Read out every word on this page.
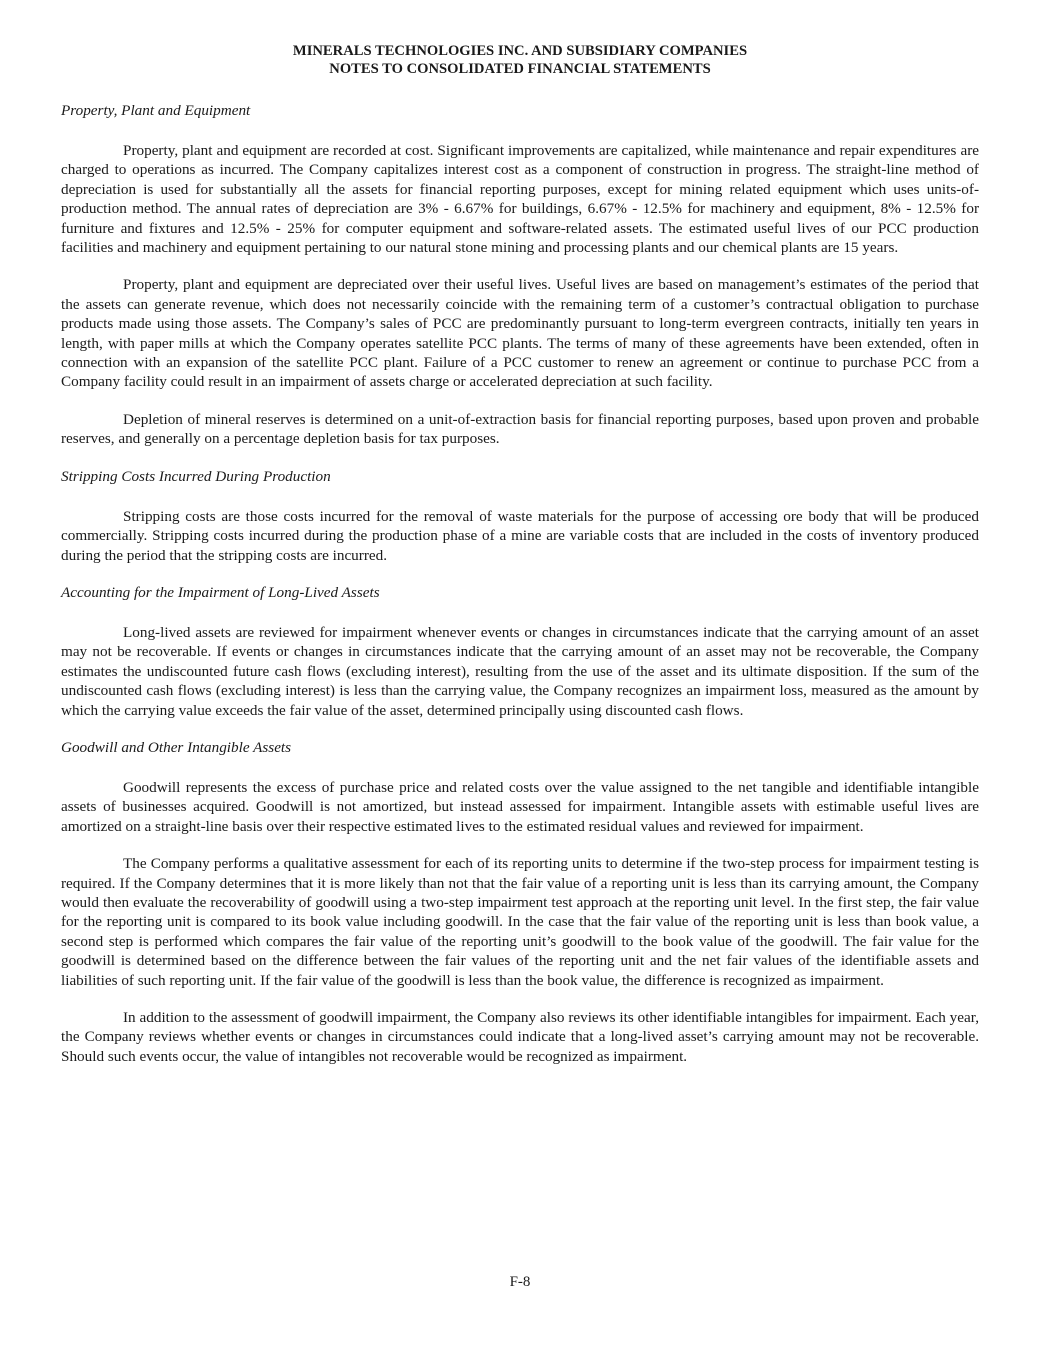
MINERALS TECHNOLOGIES INC. AND SUBSIDIARY COMPANIES

NOTES TO CONSOLIDATED FINANCIAL STATEMENTS

Property, Plant and Equipment

Property, plant and equipment are recorded at cost. Significant improvements are capitalized, while maintenance and repair expenditures are charged to operations as incurred. The Company capitalizes interest cost as a component of construction in progress. The straight-line method of depreciation is used for substantially all the assets for financial reporting purposes, except for mining related equipment which uses units-of-production method. The annual rates of depreciation are 3% - 6.67% for buildings, 6.67% - 12.5% for machinery and equipment, 8% - 12.5% for furniture and fixtures and 12.5% - 25% for computer equipment and software-related assets. The estimated useful lives of our PCC production facilities and machinery and equipment pertaining to our natural stone mining and processing plants and our chemical plants are 15 years.

Property, plant and equipment are depreciated over their useful lives. Useful lives are based on management’s estimates of the period that the assets can generate revenue, which does not necessarily coincide with the remaining term of a customer’s contractual obligation to purchase products made using those assets. The Company’s sales of PCC are predominantly pursuant to long-term evergreen contracts, initially ten years in length, with paper mills at which the Company operates satellite PCC plants. The terms of many of these agreements have been extended, often in connection with an expansion of the satellite PCC plant. Failure of a PCC customer to renew an agreement or continue to purchase PCC from a Company facility could result in an impairment of assets charge or accelerated depreciation at such facility.

Depletion of mineral reserves is determined on a unit-of-extraction basis for financial reporting purposes, based upon proven and probable reserves, and generally on a percentage depletion basis for tax purposes.

Stripping Costs Incurred During Production

Stripping costs are those costs incurred for the removal of waste materials for the purpose of accessing ore body that will be produced commercially. Stripping costs incurred during the production phase of a mine are variable costs that are included in the costs of inventory produced during the period that the stripping costs are incurred.

Accounting for the Impairment of Long-Lived Assets

Long-lived assets are reviewed for impairment whenever events or changes in circumstances indicate that the carrying amount of an asset may not be recoverable. If events or changes in circumstances indicate that the carrying amount of an asset may not be recoverable, the Company estimates the undiscounted future cash flows (excluding interest), resulting from the use of the asset and its ultimate disposition. If the sum of the undiscounted cash flows (excluding interest) is less than the carrying value, the Company recognizes an impairment loss, measured as the amount by which the carrying value exceeds the fair value of the asset, determined principally using discounted cash flows.

Goodwill and Other Intangible Assets

Goodwill represents the excess of purchase price and related costs over the value assigned to the net tangible and identifiable intangible assets of businesses acquired. Goodwill is not amortized, but instead assessed for impairment. Intangible assets with estimable useful lives are amortized on a straight-line basis over their respective estimated lives to the estimated residual values and reviewed for impairment.

The Company performs a qualitative assessment for each of its reporting units to determine if the two-step process for impairment testing is required. If the Company determines that it is more likely than not that the fair value of a reporting unit is less than its carrying amount, the Company would then evaluate the recoverability of goodwill using a two-step impairment test approach at the reporting unit level. In the first step, the fair value for the reporting unit is compared to its book value including goodwill. In the case that the fair value of the reporting unit is less than book value, a second step is performed which compares the fair value of the reporting unit’s goodwill to the book value of the goodwill. The fair value for the goodwill is determined based on the difference between the fair values of the reporting unit and the net fair values of the identifiable assets and liabilities of such reporting unit. If the fair value of the goodwill is less than the book value, the difference is recognized as impairment.

In addition to the assessment of goodwill impairment, the Company also reviews its other identifiable intangibles for impairment. Each year, the Company reviews whether events or changes in circumstances could indicate that a long-lived asset’s carrying amount may not be recoverable. Should such events occur, the value of intangibles not recoverable would be recognized as impairment.

F-8
